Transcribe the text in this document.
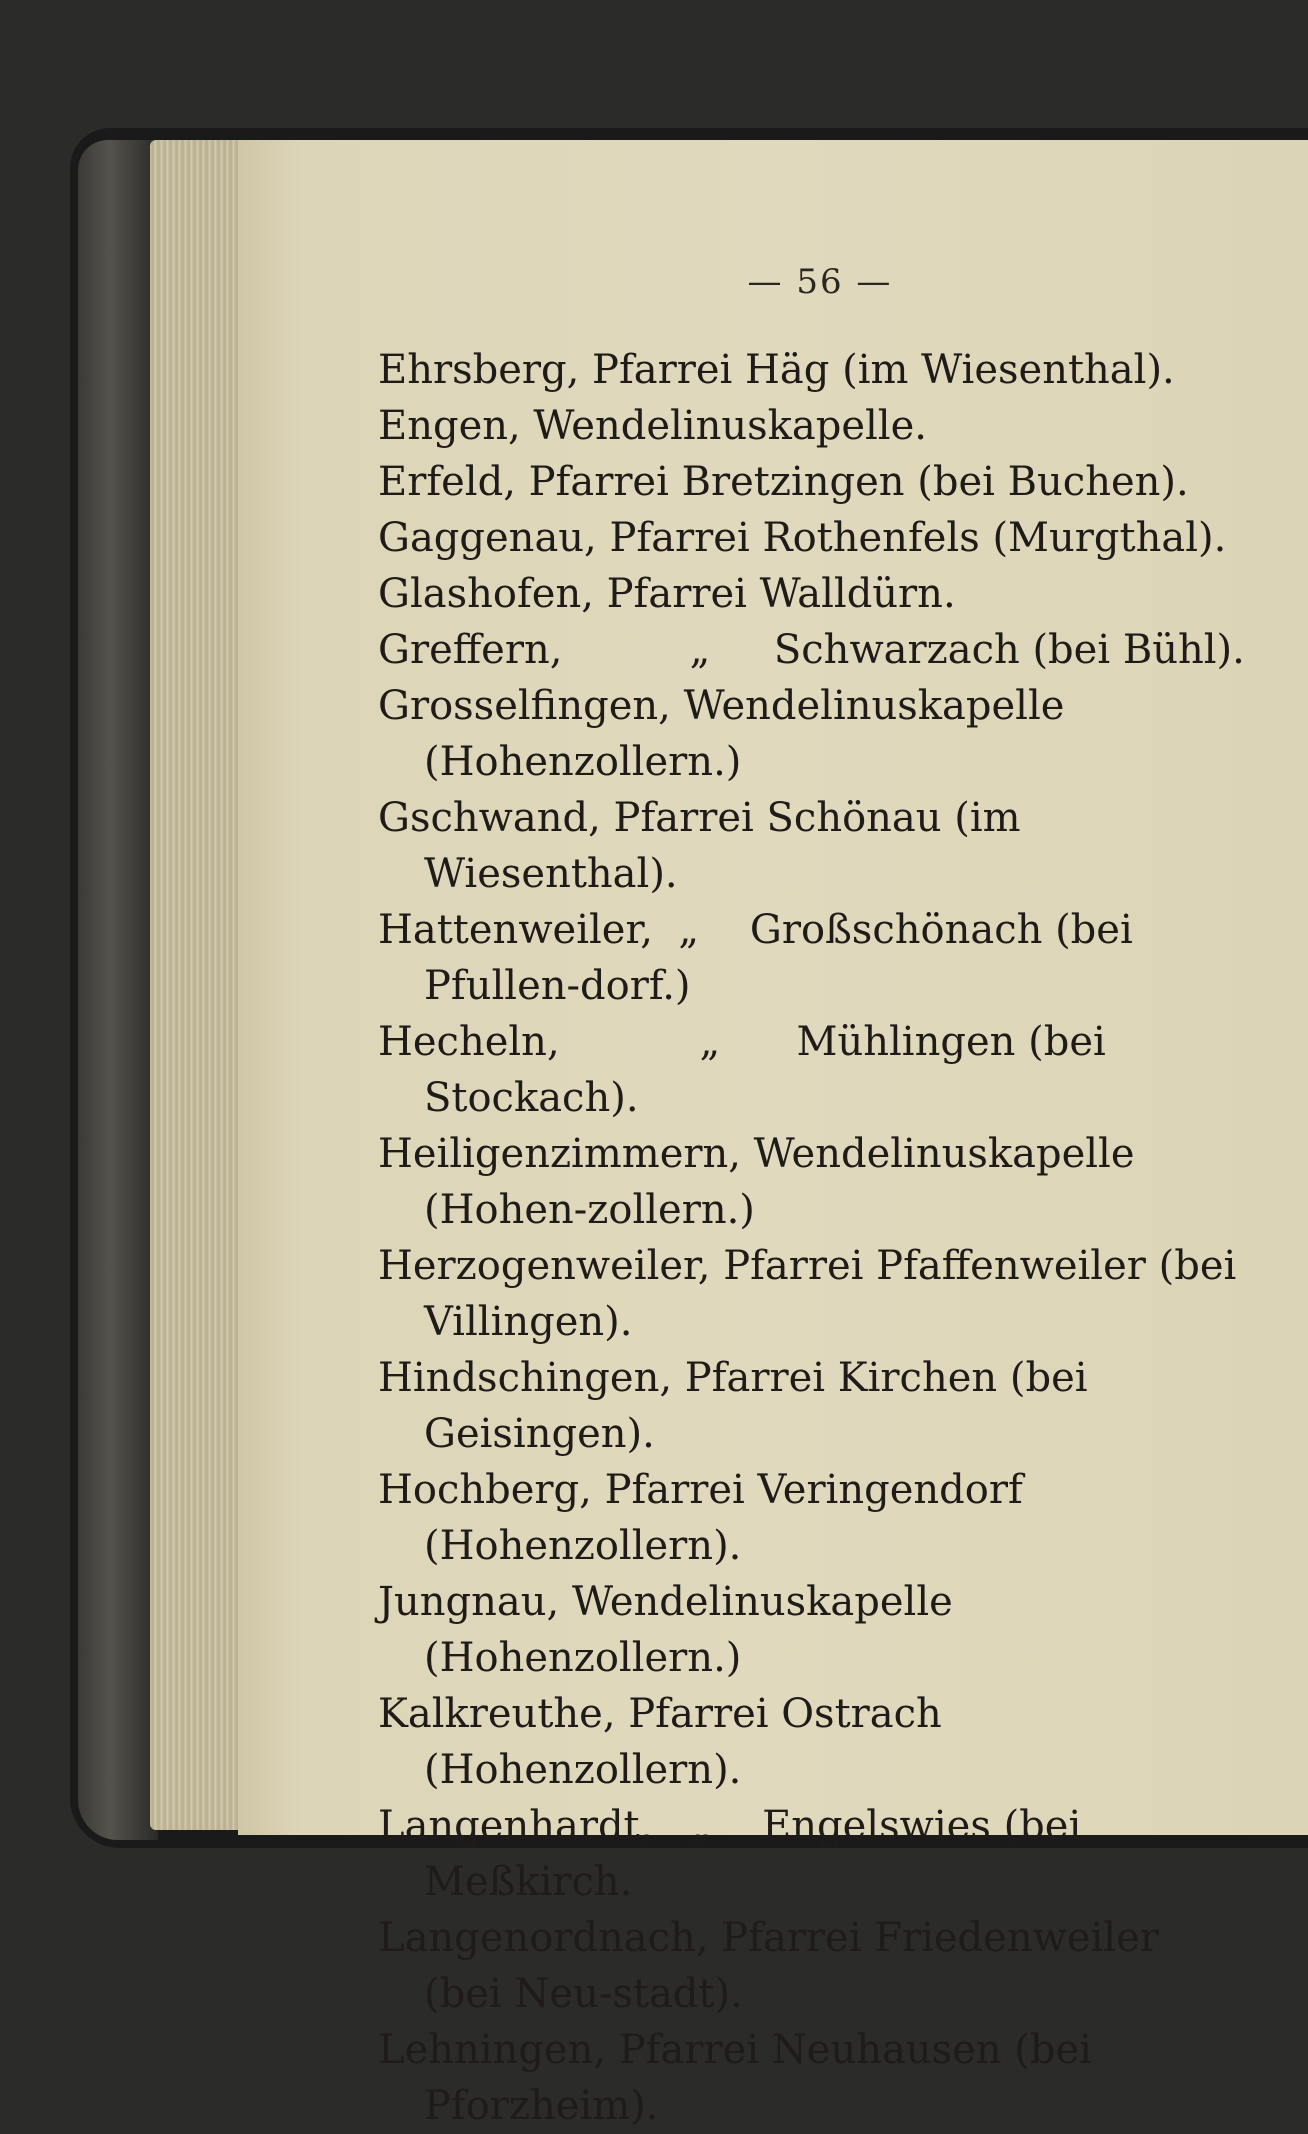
— 56 —

Ehrsberg, Pfarrei Häg (im Wiesenthal).

Engen, Wendelinuskapelle.

Erfeld, Pfarrei Bretzingen (bei Buchen).

Gaggenau, Pfarrei Rothenfels (Murgthal).

Glashofen, Pfarrei Walldürn.

Greffern,          „     Schwarzach (bei Bühl).

Grosselfingen, Wendelinuskapelle (Hohenzollern.)

Gschwand, Pfarrei Schönau (im Wiesenthal).

Hattenweiler,  „    Großschönach (bei Pfullen-dorf.)

Hecheln,           „      Mühlingen (bei Stockach).

Heiligenzimmern, Wendelinuskapelle (Hohen-zollern.)

Herzogenweiler, Pfarrei Pfaffenweiler (bei Villingen).

Hindschingen, Pfarrei Kirchen (bei Geisingen).

Hochberg, Pfarrei Veringendorf (Hohenzollern).

Jungnau, Wendelinuskapelle (Hohenzollern.)

Kalkreuthe, Pfarrei Ostrach (Hohenzollern).

Langenhardt,   „    Engelswies (bei Meßkirch.

Langenordnach, Pfarrei Friedenweiler (bei Neu-stadt).

Lehningen, Pfarrei Neuhausen (bei Pforzheim).
